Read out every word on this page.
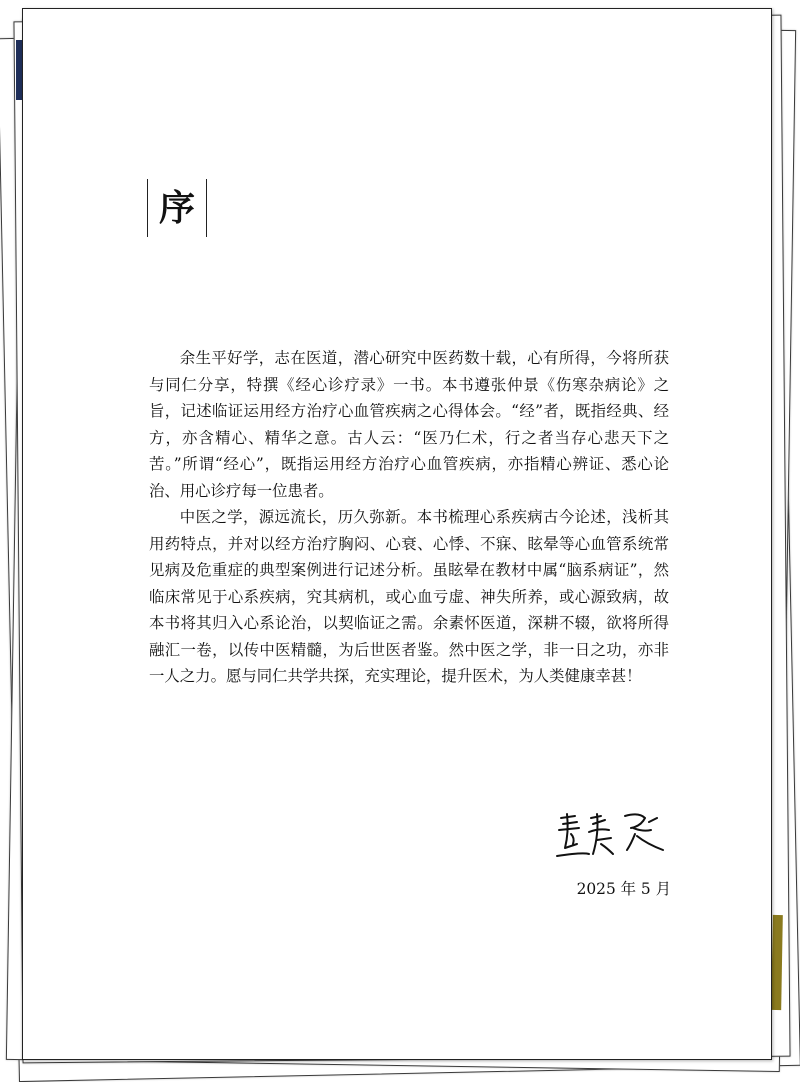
序

余生平好学，志在医道，潜心研究中医药数十载，心有所得，今将所获与同仁分享，特撰《经心诊疗录》一书。本书遵张仲景《伤寒杂病论》之旨，记述临证运用经方治疗心血管疾病之心得体会。“经”者，既指经典、经方，亦含精心、精华之意。古人云：“医乃仁术，行之者当存心悲天下之苦。”所谓“经心”，既指运用经方治疗心血管疾病，亦指精心辨证、悉心论治、用心诊疗每一位患者。

中医之学，源远流长，历久弥新。本书梳理心系疾病古今论述，浅析其用药特点，并对以经方治疗胸闷、心衰、心悸、不寐、眩晕等心血管系统常见病及危重症的典型案例进行记述分析。虽眩晕在教材中属“脑系病证”，然临床常见于心系疾病，究其病机，或心血亏虚、神失所养，或心源致病，故本书将其归入心系论治，以契临证之需。余素怀医道，深耕不辍，欲将所得融汇一卷，以传中医精髓，为后世医者鉴。然中医之学，非一日之功，亦非一人之力。愿与同仁共学共探，充实理论，提升医术，为人类健康幸甚！

2025 年 5 月
